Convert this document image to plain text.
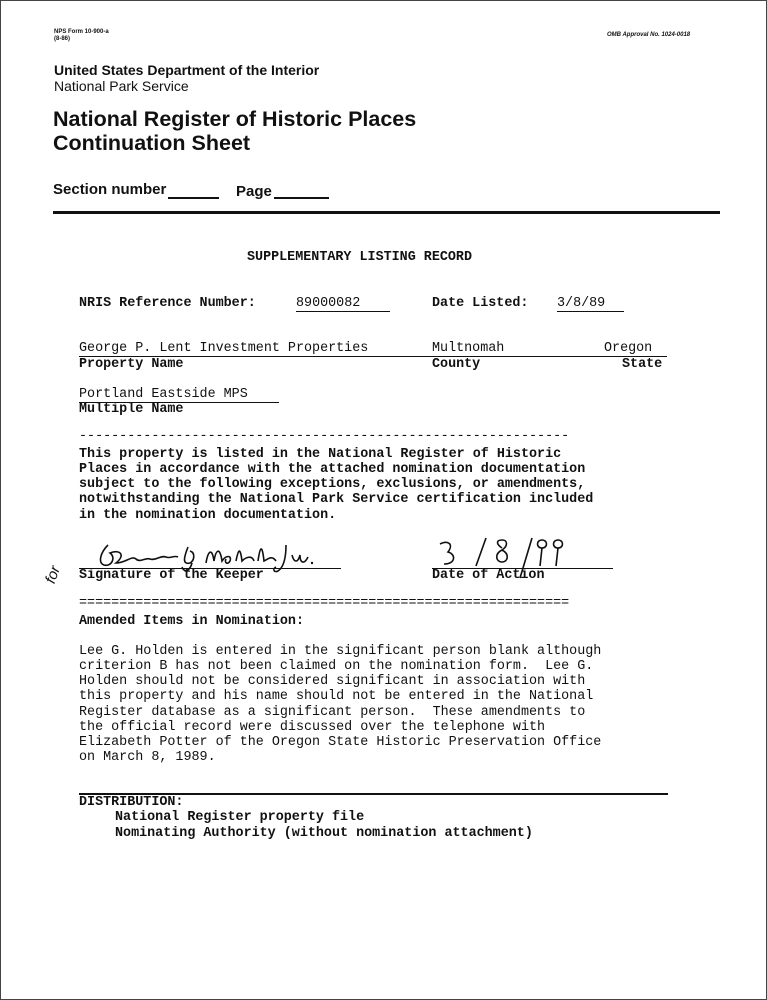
NPS Form 10-900-a
(8-86)
OMB Approval No. 1024-0018
United States Department of the Interior
National Park Service
National Register of Historic Places
Continuation Sheet
Section number	Page
SUPPLEMENTARY LISTING RECORD
NRIS Reference Number:	89000082	Date Listed: 3/8/89
George P. Lent Investment Properties	Multnomah	Oregon
Property Name	County	State
Portland Eastside MPS
Multiple Name
-------------------------------------------------------------
This property is listed in the National Register of Historic
Places in accordance with the attached nomination documentation
subject to the following exceptions, exclusions, or amendments,
notwithstanding the National Park Service certification included
in the nomination documentation.
for Signature of the Keeper	Date of Action
=============================================================
Amended Items in Nomination:
Lee G. Holden is entered in the significant person blank although
criterion B has not been claimed on the nomination form.  Lee G.
Holden should not be considered significant in association with
this property and his name should not be entered in the National
Register database as a significant person.  These amendments to
the official record were discussed over the telephone with
Elizabeth Potter of the Oregon State Historic Preservation Office
on March 8, 1989.
DISTRIBUTION:
National Register property file
Nominating Authority (without nomination attachment)
